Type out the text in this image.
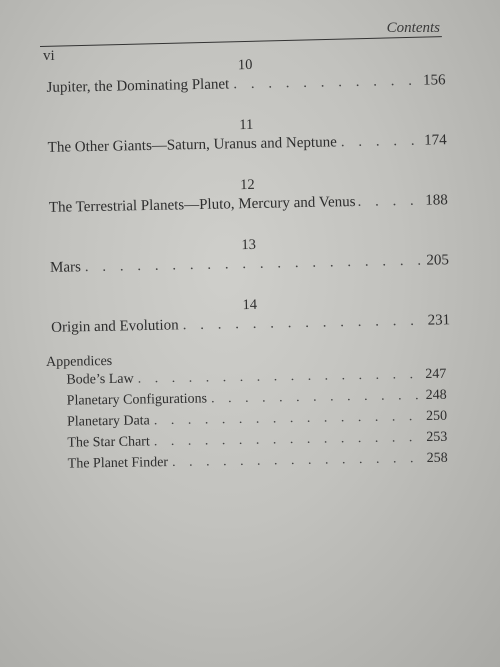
Contents
vi
10
Jupiter, the Dominating Planet . . .	156
11
The Other Giants—Saturn, Uranus and Neptune . . .	174
12
The Terrestrial Planets—Pluto, Mercury and Venus . . .	188
13
Mars . . .	205
14
Origin and Evolution . . .	231
Appendices
Bode’s Law . . .	247
Planetary Configurations . . .	248
Planetary Data . . .	250
The Star Chart . . .	253
The Planet Finder . . .	258
